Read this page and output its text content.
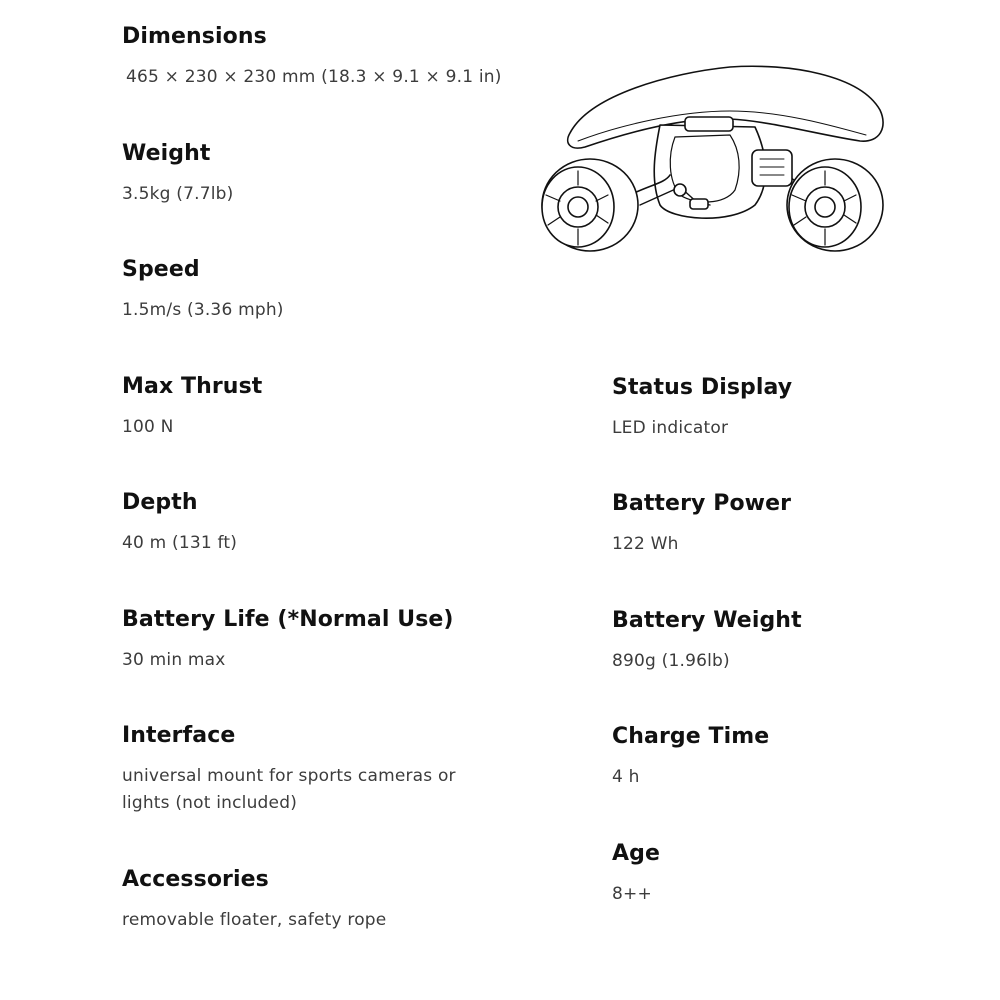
Dimensions
465 × 230 × 230 mm (18.3 × 9.1 × 9.1 in)
Weight
3.5kg (7.7lb)
Speed
1.5m/s (3.36 mph)
Max Thrust
100 N
Depth
40 m (131 ft)
Battery Life (*Normal Use)
30 min max
Interface
universal mount for sports cameras or lights (not included)
Accessories
removable floater, safety rope
Status Display
LED indicator
Battery Power
122 Wh
Battery Weight
890g (1.96lb)
Charge Time
4 h
Age
8++
